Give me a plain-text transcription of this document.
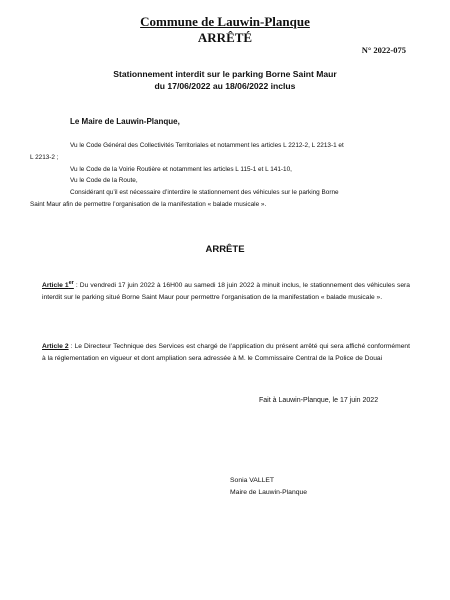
Commune de Lauwin-Planque
ARRÊTÉ
N° 2022-075
Stationnement interdit sur le parking Borne Saint Maur
du 17/06/2022 au 18/06/2022 inclus
Le Maire de Lauwin-Planque,
Vu le Code Général des Collectivités Territoriales et notamment les articles L 2212-2, L 2213-1 et
L 2213-2 ;
Vu le Code de la Voirie Routière et notamment les articles L 115-1 et L 141-10,
Vu le Code de la Route,
Considérant qu’il est nécessaire d’interdire le stationnement des véhicules sur le parking Borne
Saint Maur afin de permettre l’organisation de la manifestation « balade musicale ».
ARRÊTE
Article 1er : Du vendredi 17 juin 2022 à 16H00 au samedi 18 juin 2022 à minuit inclus, le stationnement des véhicules sera interdit sur le parking situé Borne Saint Maur pour permettre l’organisation de la manifestation « balade musicale ».
Article 2 : Le Directeur Technique des Services est chargé de l’application du présent arrêté qui sera affiché conformément à la réglementation en vigueur et dont ampliation sera adressée à M. le Commissaire Central de la Police de Douai
Fait à Lauwin-Planque, le 17 juin 2022
Sonia VALLET
Maire de Lauwin-Planque
